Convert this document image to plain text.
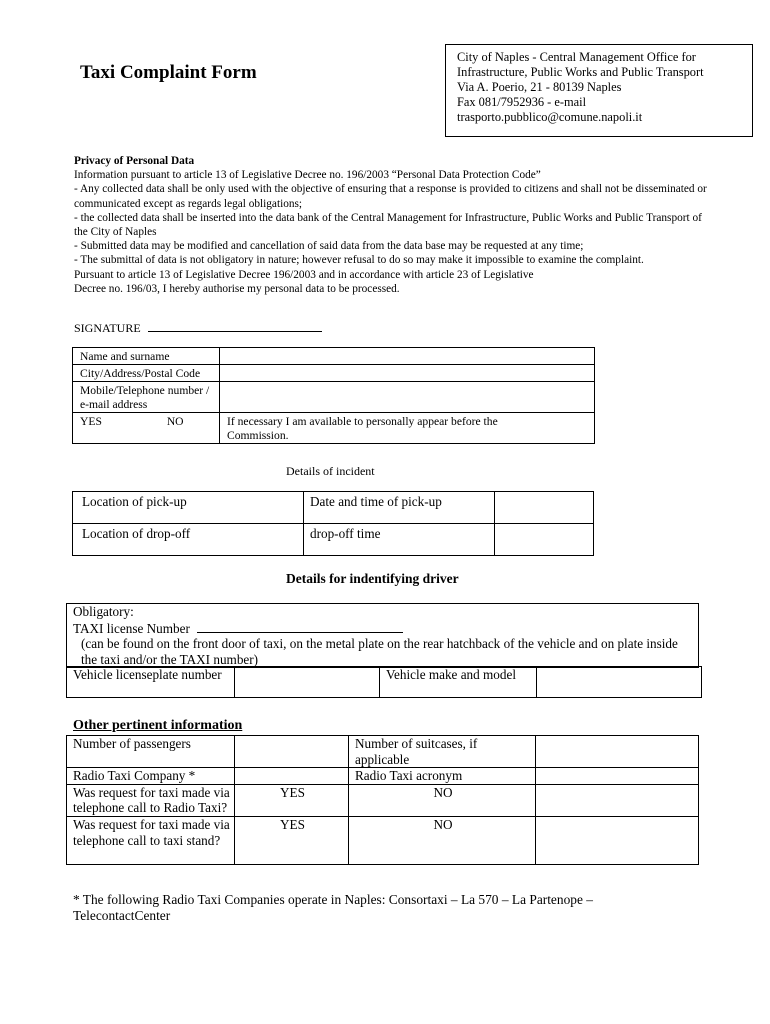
Taxi Complaint Form
City of Naples - Central Management Office for
Infrastructure, Public Works and Public Transport
Via A. Poerio, 21 - 80139 Naples
Fax 081/7952936 - e-mail
trasporto.pubblico@comune.napoli.it
Privacy of Personal Data
Information pursuant to article 13 of Legislative Decree no. 196/2003 “Personal Data Protection Code”
- Any collected data shall be only used with the objective of ensuring that a response is provided to citizens and shall not be disseminated or communicated except as regards legal obligations;
- the collected data shall be inserted into the data bank of the Central Management for Infrastructure, Public Works and Public Transport of the City of Naples
- Submitted data may be modified and cancellation of said data from the data base may be requested at any time;
- The submittal of data is not obligatory in nature; however refusal to do so may make it impossible to examine the complaint.
Pursuant to article 13 of Legislative Decree 196/2003 and in accordance with article 23 of Legislative Decree no. 196/03, I hereby authorise my personal data to be processed.
SIGNATURE
Name and surname	
City/Address/Postal Code	
Mobile/Telephone number / e-mail address	
YES NO	If necessary I am available to personally appear before the Commission.
Details of incident
Location of pick-up	Date and time of pick-up	
Location of drop-off	drop-off time	
Details for indentifying driver
Obligatory:
TAXI license Number
(can be found on the front door of taxi, on the metal plate on the rear hatchback of the vehicle and on plate inside the taxi and/or the TAXI number)
Vehicle licenseplate number		Vehicle make and model	
Other pertinent information
Number of passengers		Number of suitcases, if applicable	
Radio Taxi Company *		Radio Taxi acronym	
Was request for taxi made via telephone call to Radio Taxi?	YES	NO	
Was request for taxi made via telephone call to taxi stand?	YES	NO	
* The following Radio Taxi Companies operate in Naples: Consortaxi – La 570 – La Partenope – TelecontactCenter
